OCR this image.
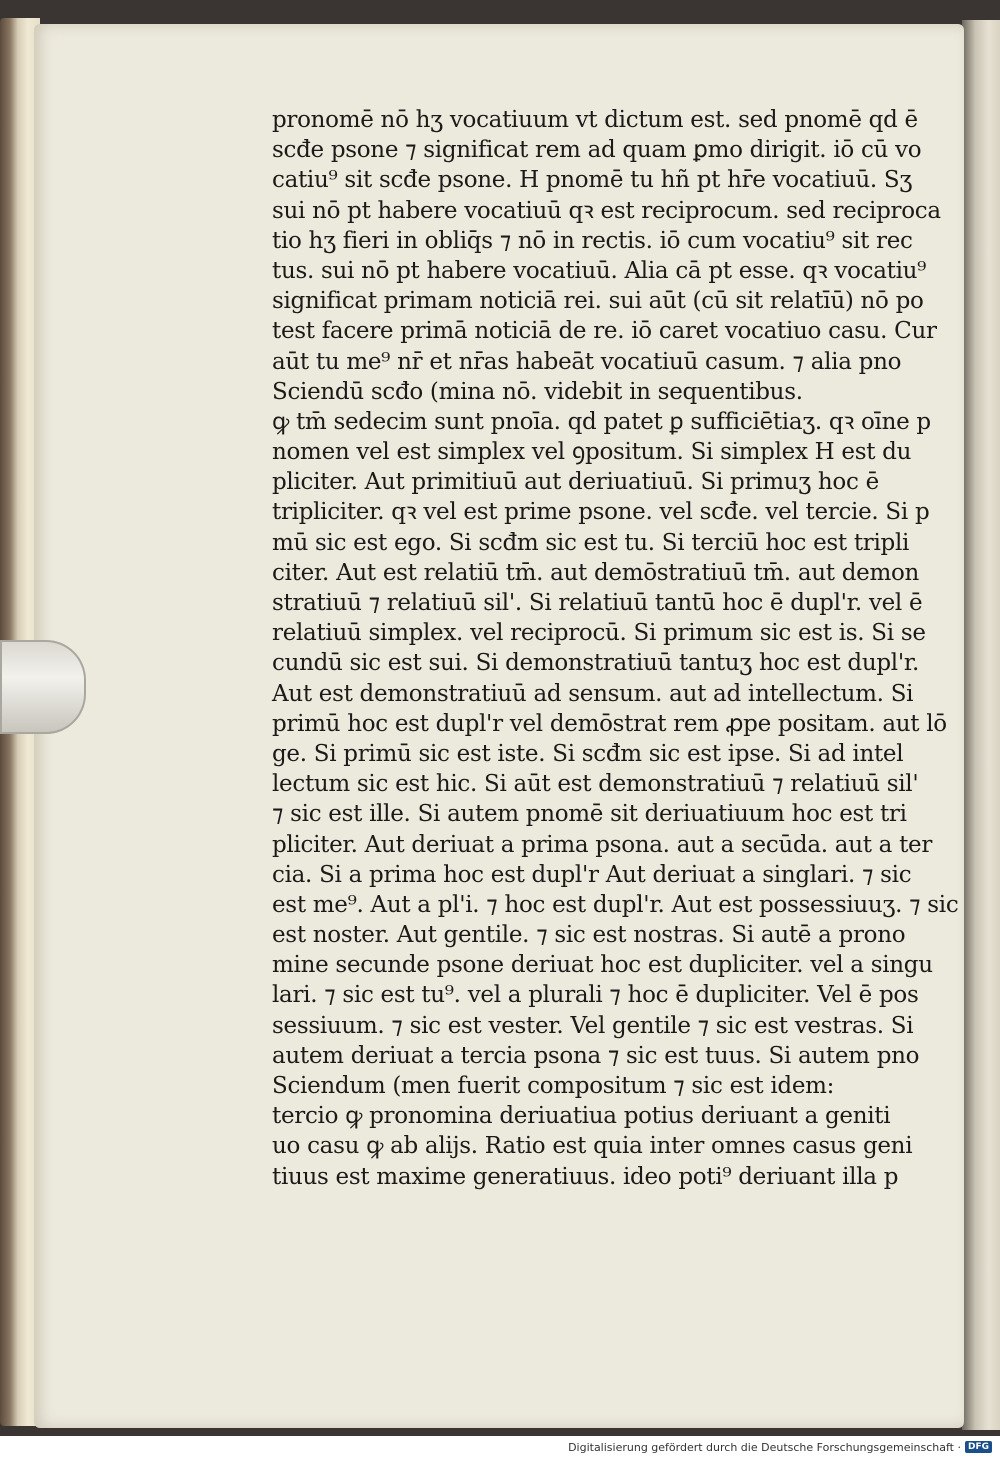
pronomē nō hʒ vocatiuum vt dictum est. sed pnomē qd ē
scđe psone ⁊ significat rem ad quam ꝑmo dirigit. iō cū vo
catiu⁹ sit scđe psone. H pnomē tu hñ pt hr̄e vocatiuū. Sʒ
sui nō pt habere vocatiuū qꝛ est reciprocum. sed reciproca
tio hʒ fieri in obliq̄s ⁊ nō in rectis. iō cum vocatiu⁹ sit rec
tus. sui nō pt habere vocatiuū. Alia cā pt esse. qꝛ vocatiu⁹
significat primam noticiā rei. sui aūt (cū sit relatīū) nō po
test facere primā noticiā de re. iō caret vocatiuo casu. Cur
aūt tu me⁹ nr̄ et nr̄as habeāt vocatiuū casum. ⁊ alia pno
Sciendū scđo (mina nō. videbit in sequentibus.
ꝙ tm̄ sedecim sunt pnoīa. qd patet ꝑ sufficiētiaʒ. qꝛ oīne p
nomen vel est simplex vel ꝯpositum. Si simplex H est du
pliciter. Aut primitiuū aut deriuatiuū. Si primuʒ hoc ē
tripliciter. qꝛ vel est prime psone. vel scđe. vel tercie. Si p
mū sic est ego. Si scđm sic est tu. Si terciū hoc est tripli
citer. Aut est relatiū tm̄. aut demōstratiuū tm̄. aut demon
stratiuū ⁊ relatiuū sil'. Si relatiuū tantū hoc ē dupl'r. vel ē
relatiuū simplex. vel reciprocū. Si primum sic est is. Si se
cundū sic est sui. Si demonstratiuū tantuʒ hoc est dupl'r.
Aut est demonstratiuū ad sensum. aut ad intellectum. Si
primū hoc est dupl'r vel demōstrat rem ꝓpe positam. aut lō
ge. Si primū sic est iste. Si scđm sic est ipse. Si ad intel
lectum sic est hic. Si aūt est demonstratiuū ⁊ relatiuū sil'
⁊ sic est ille. Si autem pnomē sit deriuatiuum hoc est tri
pliciter. Aut deriuat a prima psona. aut a secūda. aut a ter
cia. Si a prima hoc est dupl'r Aut deriuat a singlari. ⁊ sic
est me⁹. Aut a pl'i. ⁊ hoc est dupl'r. Aut est possessiuuʒ. ⁊ sic
est noster. Aut gentile. ⁊ sic est nostras. Si autē a prono
mine secunde psone deriuat hoc est dupliciter. vel a singu
lari. ⁊ sic est tu⁹. vel a plurali ⁊ hoc ē dupliciter. Vel ē pos
sessiuum. ⁊ sic est vester. Vel gentile ⁊ sic est vestras. Si
autem deriuat a tercia psona ⁊ sic est tuus. Si autem pno
Sciendum (men fuerit compositum ⁊ sic est idem:
tercio ꝙ pronomina deriuatiua potius deriuant a geniti
uo casu ꝙ ab alijs. Ratio est quia inter omnes casus geni
tiuus est maxime generatiuus. ideo poti⁹ deriuant illa p
Digitalisierung gefördert durch die Deutsche Forschungsgemeinschaft · DFG
